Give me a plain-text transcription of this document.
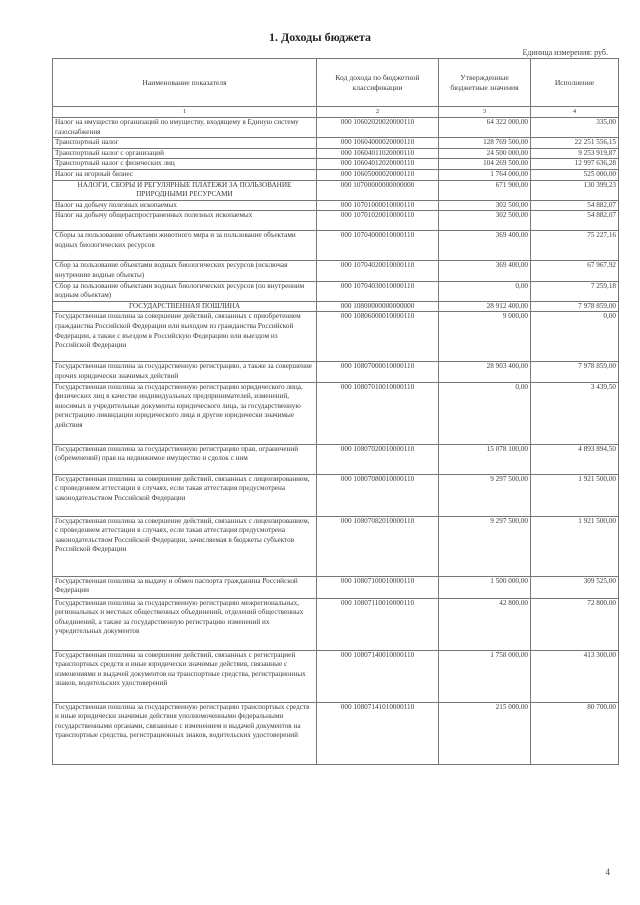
1. Доходы бюджета
Единица измерения: руб.
Наименование показателя	Код дохода по бюджетной классификации	Утвержденные бюджетные значения	Исполнение
1	2	3	4
Налог на имущество организаций по имуществу, входящему в Единую систему газоснабжения	000 10602020020000110	64 322 000,00	335,00
Транспортный налог	000 10604000020000110	128 769 500,00	22 251 556,15
Транспортный налог с организаций	000 10604011020000110	24 500 000,00	9 253 919,87
Транспортный налог с физических лиц	000 10604012020000110	104 269 500,00	12 997 636,28
Налог на игорный бизнес	000 10605000020000110	1 764 000,00	525 000,00
НАЛОГИ, СБОРЫ И РЕГУЛЯРНЫЕ ПЛАТЕЖИ ЗА ПОЛЬЗОВАНИЕ ПРИРОДНЫМИ РЕСУРСАМИ	000 10700000000000000	671 900,00	130 399,23
Налог на добычу полезных ископаемых	000 10701000010000110	302 500,00	54 882,07
Налог на добычу общераспространенных полезных ископаемых	000 10701020010000110	302 500,00	54 882,07
Сборы за пользование объектами животного мира и за пользование объектами водных биологических ресурсов	000 10704000010000110	369 400,00	75 227,16
Сбор за пользование объектами водных биологических ресурсов (исключая внутренние водные объекты)	000 10704020010000110	369 400,00	67 967,92
Сбор за пользование объектами водных биологических ресурсов (по внутренним водным объектам)	000 10704030010000110	0,00	7 259,18
ГОСУДАРСТВЕННАЯ ПОШЛИНА	000 10800000000000000	28 912 400,00	7 978 859,00
Государственная пошлина за совершение действий, связанных с приобретением гражданства Российской Федерации или выходом из гражданства Российской Федерации, а также с въездом в Российскую Федерацию или выездом из Российской Федерации	000 10806000010000110	9 000,00	0,00
Государственная пошлина за государственную регистрацию, а также за совершение прочих юридически значимых действий	000 10807000010000110	28 903 400,00	7 978 859,00
Государственная пошлина за государственную регистрацию юридического лица, физических лиц в качестве индивидуальных предпринимателей, изменений, вносимых в учредительные документы юридического лица, за государственную регистрацию ликвидации юридического лица и другие юридически значимые действия	000 10807010010000110	0,00	3 439,50
Государственная пошлина за государственную регистрацию прав, ограничений (обременений) прав на недвижимое имущество и сделок с ним	000 10807020010000110	15 078 100,00	4 893 894,50
Государственная пошлина за совершение действий, связанных с лицензированием, с проведением аттестации в случаях, если такая аттестация предусмотрена законодательством Российской Федерации	000 10807080010000110	9 297 500,00	1 921 500,00
Государственная пошлина за совершение действий, связанных с лицензированием, с проведением аттестации в случаях, если такая аттестация предусмотрена законодательством Российской Федерации, зачисляемая в бюджеты субъектов Российской Федерации	000 10807082010000110	9 297 500,00	1 921 500,00
Государственная пошлина за выдачу и обмен паспорта гражданина Российской Федерации	000 10807100010000110	1 500 000,00	309 525,00
Государственная пошлина за государственную регистрацию межрегиональных, региональных и местных общественных объединений, отделений общественных объединений, а также за государственную регистрацию изменений их учредительных документов	000 10807110010000110	42 800,00	72 800,00
Государственная пошлина за совершение действий, связанных с регистрацией транспортных средств и иные юридически значимые действия, связанные с изменениями и выдачей документов на транспортные средства, регистрационных знаков, водительских удостоверений	000 10807140010000110	1 758 000,00	413 300,00
Государственная пошлина за государственную регистрацию транспортных средств и иные юридически значимые действия уполномоченными федеральными государственными органами, связанные с изменением и выдачей документов на транспортные средства, регистрационных знаков, водительских удостоверений	000 10807141010000110	215 000,00	80 700,00
4
